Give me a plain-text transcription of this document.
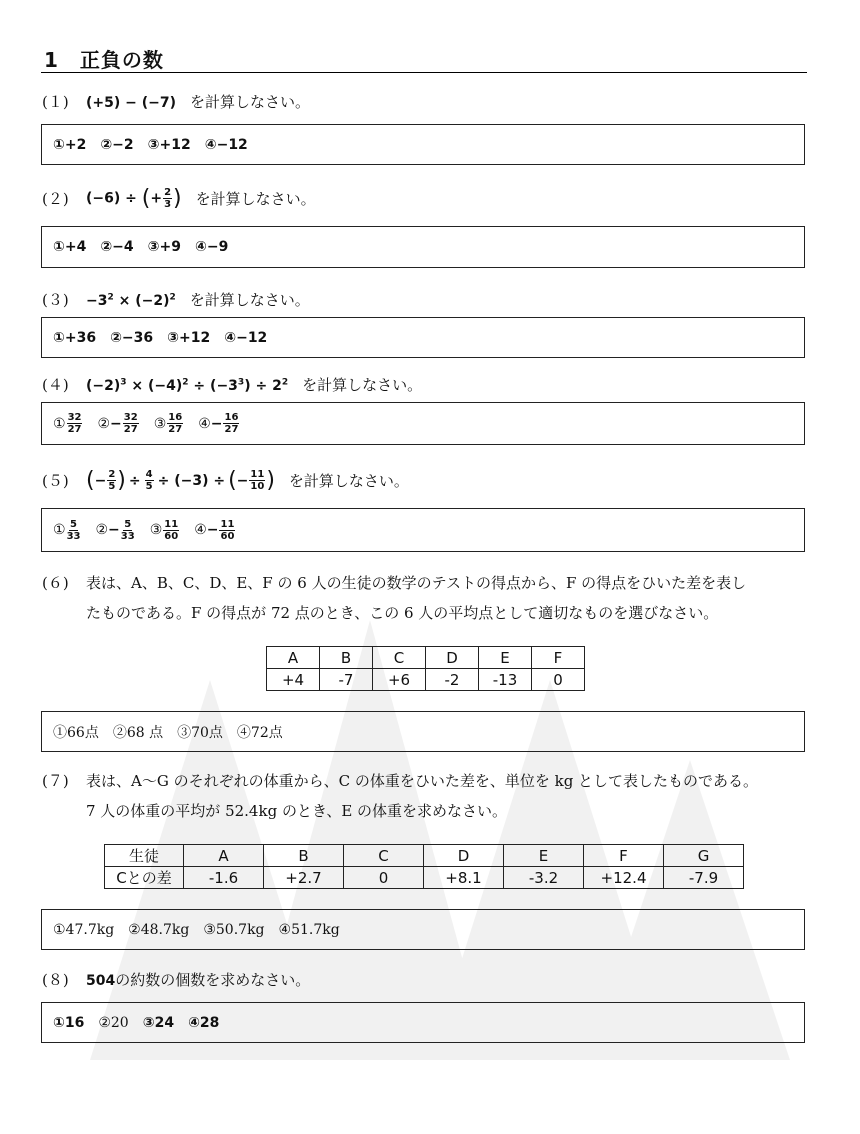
1　正負の数
(１) (+5) − (−7) を計算しなさい。
①+2 ②−2 ③+12 ④−12
(２)	(−6) ÷ (+ $\frac{2}{3}$ ) を計算しなさい。
①+4 ②−4 ③+9 ④−9
$(3) -3^2 \times (-2)^2$ を計算しなさい。
①+36 ②−36 ③+12 ④−12
(４) $(-2)^3 \times (-4)^2 \div (-3^3) \div 2^2$ を計算しなさい。
① $\frac{32}{27}$ ② − $\frac{32}{27}$ ③ $\frac{16}{27}$ ④ − $\frac{16}{27}$
(５) ( − $\frac{2}{5}$ ) ÷ $\frac{4}{5} \div (-3)$ ÷ ( − $\frac{11}{10}$ ) を計算しなさい。
① $\frac{5}{33}$ ② − $\frac{5}{33}$ ③ $\frac{11}{60}$ ④ − $\frac{11}{60}$
(６)	表は、A、B、C、D、E、F の 6 人の生徒の数学のテストの得点から、F の得点をひいた差を表し
たものである。F の得点が 72 点のとき、この 6 人の平均点として適切なものを選びなさい。
A	B	C	D	E	F
+4	-7	+6	-2	-13	0
①66点 ②68 点 ③70点 ④72点
(７)	表は、A～G のそれぞれの体重から、C の体重をひいた差を、単位を kg として表したものである。
7 人の体重の平均が 52.4kg のとき、E の体重を求めなさい。
生徒	A	B	C	D	E	F	G
Cとの差	-1.6	+2.7	0	+8.1	-3.2	+12.4	-7.9
①47.7kg ②48.7kg ③50.7kg ④51.7kg
(８) 504の約数の個数を求めなさい。
①16 ②20 ③24 ④28
